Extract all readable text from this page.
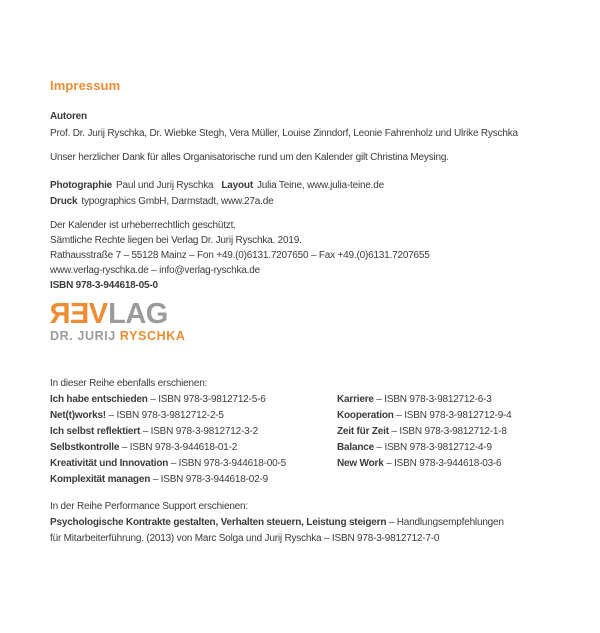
Impressum
Autoren
Prof. Dr. Jurij Ryschka, Dr. Wiebke Stegh, Vera Müller, Louise Zinndorf, Leonie Fahrenholz und Ulrike Ryschka
Unser herzlicher Dank für alles Organisatorische rund um den Kalender gilt Christina Meysing.
Photographie Paul und Jurij Ryschka Layout Julia Teine, www.julia-teine.de
Druck typographics GmbH, Darmstadt, www.27a.de
Der Kalender ist urheberrechtlich geschützt.
Sämtliche Rechte liegen bei Verlag Dr. Jurij Ryschka. 2019.
Rathausstraße 7 – 55128 Mainz – Fon +49.(0)6131.7207650 – Fax +49.(0)6131.7207655
www.verlag-ryschka.de – info@verlag-ryschka.de
ISBN 978-3-944618-05-0
VERLAG
DR. JURIJ RYSCHKA
In dieser Reihe ebenfalls erschienen:
Ich habe entschieden – ISBN 978-3-9812712-5-6
Net(t)works! – ISBN 978-3-9812712-2-5
Ich selbst reflektiert – ISBN 978-3-9812712-3-2
Selbstkontrolle – ISBN 978-3-944618-01-2
Kreativität und Innovation – ISBN 978-3-944618-00-5
Komplexität managen – ISBN 978-3-944618-02-9
Karriere – ISBN 978-3-9812712-6-3
Kooperation – ISBN 978-3-9812712-9-4
Zeit für Zeit – ISBN 978-3-9812712-1-8
Balance – ISBN 978-3-9812712-4-9
New Work – ISBN 978-3-944618-03-6
In der Reihe Performance Support erschienen:
Psychologische Kontrakte gestalten, Verhalten steuern, Leistung steigern – Handlungsempfehlungen
für Mitarbeiterführung. (2013) von Marc Solga und Jurij Ryschka – ISBN 978-3-9812712-7-0
